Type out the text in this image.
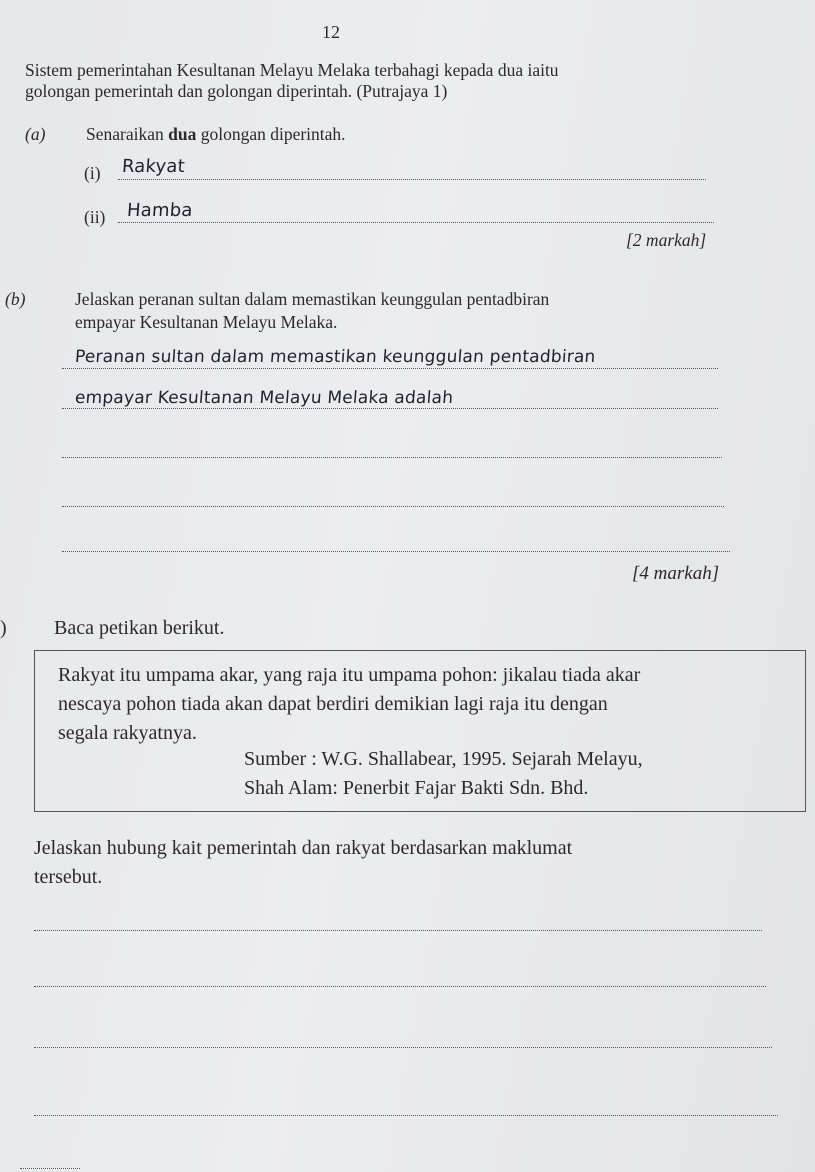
12
Sistem pemerintahan Kesultanan Melayu Melaka terbahagi kepada dua iaitu
golongan pemerintah dan golongan diperintah. (Putrajaya 1)
(a) Senaraikan dua golongan diperintah.
(i) Rakyat
(ii) Hamba
[2 markah]
(b)	Jelaskan peranan sultan dalam memastikan keunggulan pentadbiran
empayar Kesultanan Melayu Melaka.
Peranan sultan dalam memastikan keunggulan pentadbiran
empayar Kesultanan Melayu Melaka adalah
[4 markah]
) Baca petikan berikut.
Rakyat itu umpama akar, yang raja itu umpama pohon: jikalau tiada akar
nescaya pohon tiada akan dapat berdiri demikian lagi raja itu dengan
segala rakyatnya.
Sumber : W.G. Shallabear, 1995. Sejarah Melayu,
Shah Alam: Penerbit Fajar Bakti Sdn. Bhd.
Jelaskan hubung kait pemerintah dan rakyat berdasarkan maklumat
tersebut.
